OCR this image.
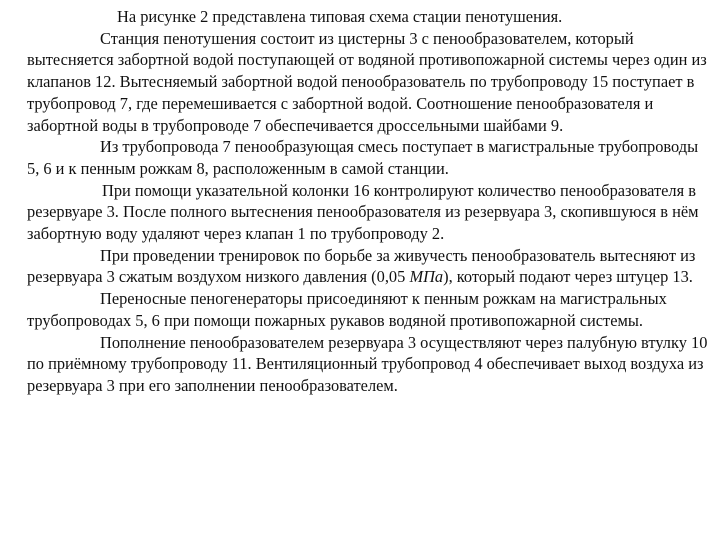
На рисунке 2 представлена типовая схема стации пенотушения.

Станция пенотушения состоит из цистерны 3 с пенообразователем, который вытесняется забортной водой поступающей от водяной противопожарной системы через один из клапанов 12. Вытесняемый забортной водой пенообразователь по трубопроводу 15 поступает в трубопровод 7, где перемешивается с забортной водой. Соотношение пенообразователя и забортной воды в трубопроводе 7 обеспечивается дроссельными шайбами 9.

Из трубопровода 7 пенообразующая смесь поступает в магистральные трубопроводы 5, 6 и к пенным рожкам 8, расположенным в самой станции.

При помощи указательной колонки 16 контролируют количество пенообразователя в резервуаре 3. После полного вытеснения пенообразователя из резервуара 3, скопившуюся в нём забортную воду удаляют через клапан 1 по трубопроводу 2.

При проведении тренировок по борьбе за живучесть пенообразователь вытесняют из резервуара 3 сжатым воздухом низкого давления (0,05 МПа), который подают через штуцер 13.

Переносные пеногенераторы присоединяют к пенным рожкам на магистральных трубопроводах 5, 6 при помощи пожарных рукавов водяной противопожарной системы.

Пополнение пенообразователем резервуара 3 осуществляют через палубную втулку 10 по приёмному трубопроводу 11. Вентиляционный трубопровод 4 обеспечивает выход воздуха из резервуара 3 при его заполнении пенообразователем.
